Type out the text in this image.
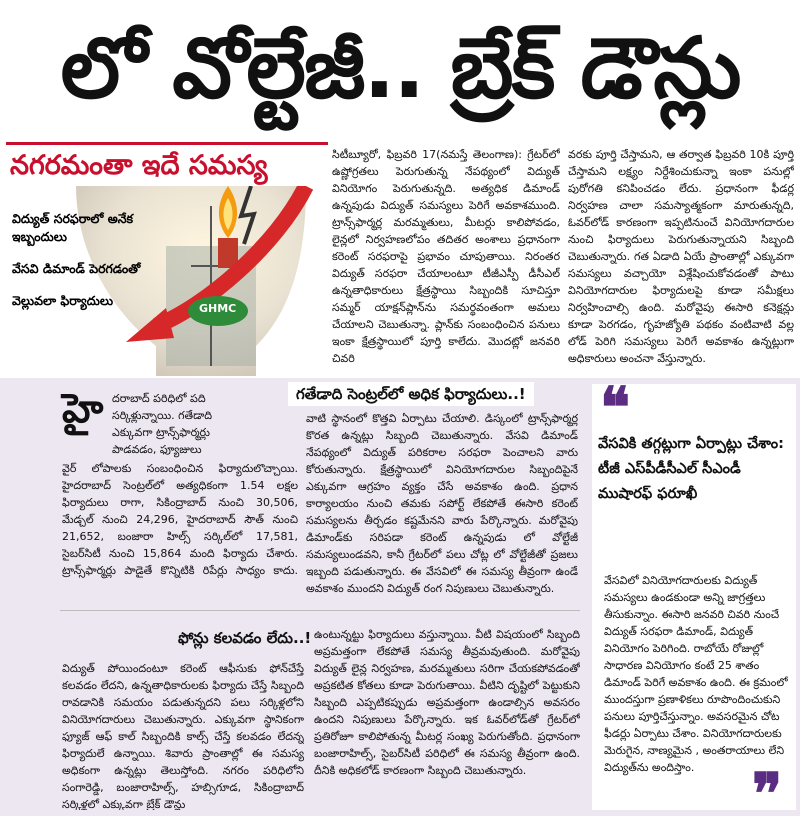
లో వోల్టేజీ.. బ్రేక్ డౌన్లు
నగరమంతా ఇదే సమస్య
GHMC
విద్యుత్ సరఫరాలో అనేక ఇబ్బందులు
వేసవి డిమాండ్ పెరగడంతో
వెల్లువలా ఫిర్యాదులు
సిటీబ్యూరో, ఫిబ్రవరి 17(నమస్తే తెలంగాణ): గ్రేటర్‌లో ఉష్ణోగ్రతలు పెరుగుతున్న నేపథ్యంలో విద్యుత్ వినియోగం పెరుగుతున్నది. అత్యధిక డిమాండ్ ఉన్నపుడు విద్యుత్ సమస్యలు పెరిగే అవకాశముంది. ట్రాన్స్‌ఫార్మర్ల మరమ్మతులు, మీటర్లు కాలిపోవడం, లైన్లలో నిర్వహణలోపం తదితర అంశాలు ప్రధానంగా కరెంట్ సరఫరాపై ప్రభావం చూపుతాయి. నిరంతర విద్యుత్ సరఫరా చేయాలంటూ టీజీఎస్పీ డీసీఎల్ ఉన్నతాధికారులు క్షేత్రస్థాయి సిబ్బందికి సూచిస్తూ సమ్మర్ యాక్షన్‌ప్లాన్‌ను సమర్థవంతంగా అమలు చేయాలని చెబుతున్నా. ప్లాన్‌కు సంబంధించిన పనులు ఇంకా క్షేత్రస్థాయిలో పూర్తి కాలేదు. మొదట్లో జనవరి చివరి
వరకు పూర్తి చేస్తామని, ఆ తర్వాత ఫిబ్రవరి 10కి పూర్తి చేస్తామని లక్ష్యం నిర్దేశించుకున్నా ఇంకా పనుల్లో పురోగతి కనిపించడం లేదు. ప్రధానంగా ఫీడర్ల నిర్వహణ చాలా సమస్యాత్మకంగా మారుతున్నది, ఓవర్‌లోడ్ కారణంగా ఇప్పటినుంచే వినియోగదారుల నుంచి ఫిర్యాదులు పెరుగుతున్నాయని సిబ్బంది చెబుతున్నారు. గత ఏడాది ఏయే ప్రాంతాల్లో ఎక్కువగా సమస్యలు వచ్చాయో విశ్లేషించుకోవడంతో పాటు వినియోగదారుల ఫిర్యాదులపై కూడా సమీక్షలు నిర్వహించాల్సి ఉంది. మరోవైపు ఈసారి కనెక్షన్లు కూడా పెరగడం, గృహజ్యోతి పథకం వంటివాటి వల్ల లోడ్ పెరిగి సమస్యలు పెరిగే అవకాశం ఉన్నట్లుగా అధికారులు అంచనా వేస్తున్నారు.
గతేడాది సెంట్రల్‌లో అధిక ఫిర్యాదులు..!
హై దరాబాద్ పరిధిలో పది సర్కిళ్లున్నాయి. గతేడాది ఎక్కువగా ట్రాన్స్‌ఫార్మర్లు పాడవడం, ఫ్యూజులు
వైర్ లోపాలకు సంబంధించిన ఫిర్యాదులొచ్చాయి. హైదరాబాద్ సెంట్రల్‌లో అత్యధికంగా 1.54 లక్షల ఫిర్యాదులు రాగా, సికింద్రాబాద్ నుంచి 30,506, మేడ్చల్ నుంచి 24,296, హైదరాబాద్ సౌత్ నుంచి 21,652, బంజారా హిల్స్ సర్కిల్‌లో 17,581, సైబర్‌సిటీ నుంచి 15,864 మంది ఫిర్యాదు చేశారు. ట్రాన్స్‌ఫార్మర్లు పాడైతే కొన్నిటికి రిపేర్లు సాధ్యం కాదు.
వాటి స్థానంలో కొత్తవి ఏర్పాటు చేయాలి. డిస్కంలో ట్రాన్స్‌ఫార్మర్ల కొరత ఉన్నట్లు సిబ్బంది చెబుతున్నారు. వేసవి డిమాండ్ నేపథ్యంలో విద్యుత్ పరికరాల సరఫరా పెంచాలని వారు కోరుతున్నారు. క్షేత్రస్థాయిలో వినియోగదారుల సిబ్బందిపైనే ఎక్కువగా ఆగ్రహం వ్యక్తం చేసే అవకాశం ఉంది. ప్రధాన కార్యాలయం నుంచి తమకు సపోర్ట్ లేకపోతే ఈసారి కరెంట్ సమస్యలను తీర్చడం కష్టమేనని వారు పేర్కొన్నారు. మరోవైపు డిమాండ్‌కు సరిపడా కరెంట్ ఉన్నపుడు లో వోల్టేజీ సమస్యలుండవని, కానీ గ్రేటర్‌లో పలు చోట్ల లో వోల్టేజీతో ప్రజలు ఇబ్బంది పడుతున్నారు. ఈ వేసవిలో ఈ సమస్య తీవ్రంగా ఉండే అవకాశం ముందని విద్యుత్ రంగ నిపుణులు చెబుతున్నారు.
ఫోన్లు కలవడం లేదు..!
విద్యుత్ పోయిందంటూ కరెంట్ ఆఫీసుకు ఫోన్‌చేస్తే కలవడం లేదని, ఉన్నతాధికారులకు ఫిర్యాదు చేస్తే సిబ్బంది రావడానికి సమయం పడుతున్నదని పలు సర్కిళ్లలోని వినియోగదారులు చెబుతున్నారు. ఎక్కువగా స్థానికంగా ఫ్యూజ్ ఆఫ్ కాల్ సిబ్బందికి కాల్స్ చేస్తే కలవడం లేదన్న ఫిర్యాదులే ఉన్నాయి. శివారు ప్రాంతాల్లో ఈ సమస్య అధికంగా ఉన్నట్లు తెలుస్తోంది. నగరం పరిధిలోని సంగారెడ్డి, బంజారాహిల్స్, హబ్సిగూడ, సికింద్రాబాద్ సర్కిళ్లలో ఎక్కువగా బ్రేక్ డౌన్లు
ఉంటున్నట్టు ఫిర్యాదులు వస్తున్నాయి. వీటి విషయంలో సిబ్బంది అప్రమత్తంగా లేకపోతే సమస్య తీవ్రమవుతుంది. మరోవైపు విద్యుత్ లైన్ల నిర్వహణ, మరమ్మతులు సరిగా చేయకపోవడంతో అప్రకటిత కోతలు కూడా పెరుగుతాయి. వీటిని దృష్టిలో పెట్టుకుని సిబ్బంది ఎప్పటికప్పుడు అప్రమత్తంగా ఉండాల్సిన అవసరం ఉందని నిపుణులు పేర్కొన్నారు. ఇక ఓవర్‌లోడ్‌తో గ్రేటర్‌లో ప్రతిరోజూ కాలిపోతున్న మీటర్ల సంఖ్య పెరుగుతోంది. ప్రధానంగా బంజారాహిల్స్, సైబర్‌సిటీ పరిధిలో ఈ సమస్య తీవ్రంగా ఉంది. దీనికి అధికలోడ్ కారణంగా సిబ్బంది చెబుతున్నారు.
❝
వేసవికి తగ్గట్లుగా ఏర్పాట్లు చేశాం: టీజీ ఎస్‌పీడీసీఎల్ సీఎండీ ముషారఫ్ ఫరూఖీ
వేసవిలో వినియోగదారులకు విద్యుత్ సమస్యలు ఉండకుండా అన్ని జాగ్రత్తలు తీసుకున్నాం. ఈసారి జనవరి చివరి నుంచే విద్యుత్ సరఫరా డిమాండ్, విద్యుత్ వినియోగం పెరిగింది. రాబోయే రోజుల్లో సాధారణ వినియోగం కంటే 25 శాతం డిమాండ్ పెరిగే అవకాశం ఉంది. ఈ క్రమంలో ముందస్తుగా ప్రణాళికలు రూపొందించుకుని పనులు పూర్తిచేస్తున్నాం. అవసరమైన చోట ఫీడర్లు ఏర్పాటు చేశాం. వినియోగదారులకు మెరుగైన, నాణ్యమైన , అంతరాయాలు లేని విద్యుత్‌ను అందిస్తాం.	❞
